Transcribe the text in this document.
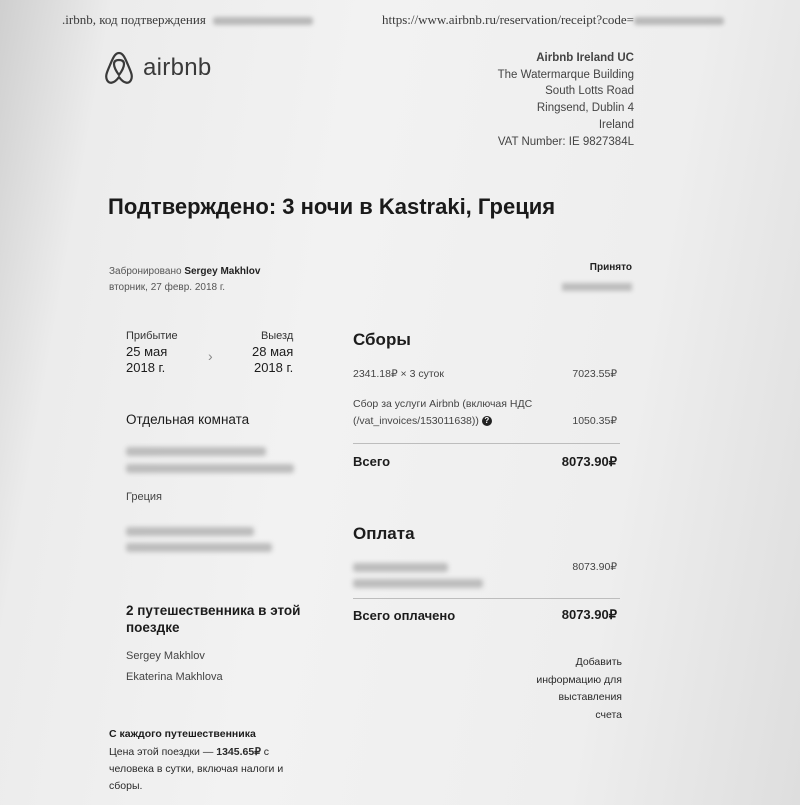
.irbnb, код подтверждения	https://www.airbnb.ru/reservation/receipt?code=
airbnb	Airbnb Ireland UC
The Watermarque Building
South Lotts Road
Ringsend, Dublin 4
Ireland
VAT Number: IE 9827384L
Подтверждено: 3 ночи в Kastraki, Греция
Забронировано Sergey Makhlov
вторник, 27 февр. 2018 г.
Принято
Прибытие
25 мая
2018 г.
›
Выезд
28 мая
2018 г.
Отдельная комната
Греция
2 путешественника в этой поездке
Sergey Makhlov
Ekaterina Makhlova
С каждого путешественника
Цена этой поездки — 1345.65₽ с человека в сутки, включая налоги и сборы.
Сборы
2341.18₽ × 3 суток	7023.55₽
Сбор за услуги Airbnb (включая НДС
(/vat_invoices/153011638)) ?	1050.35₽
Всего	8073.90₽
Оплата
8073.90₽
Всего оплачено	8073.90₽
Добавить информацию для выставления счета
